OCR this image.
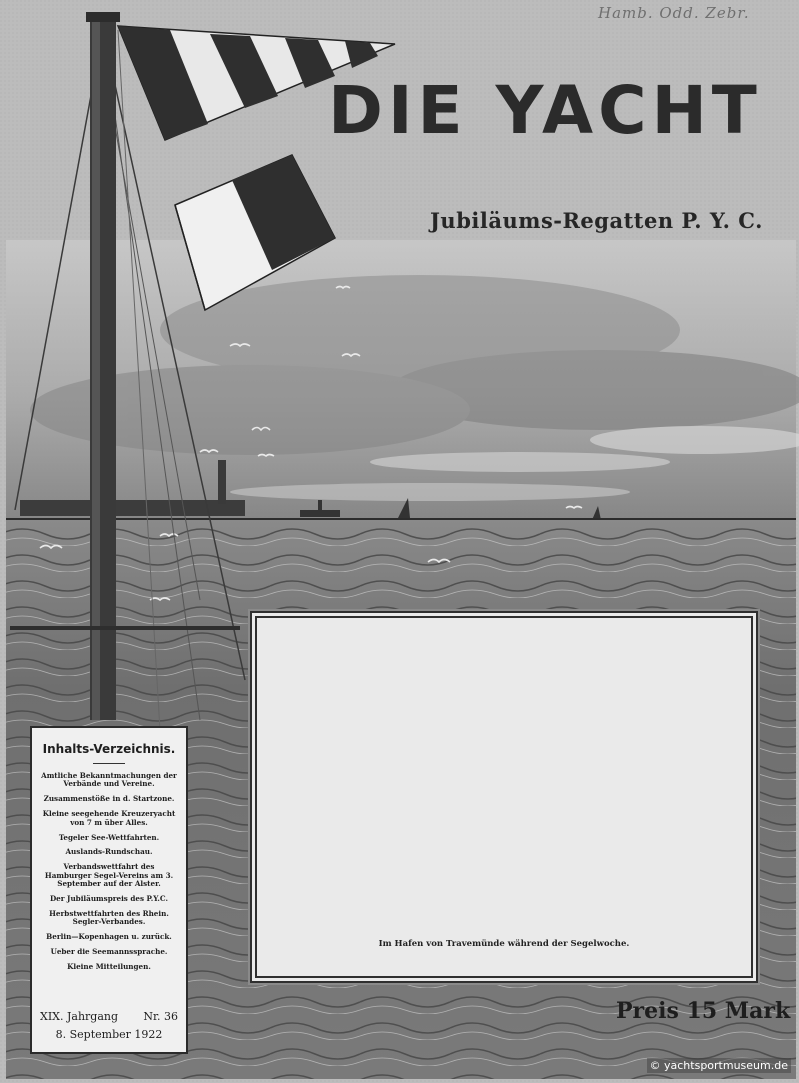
Hamb. Odd. Zebr.
DIE YACHT
Jubiläums-Regatten P. Y. C.
Im Hafen von Travemünde während der Segelwoche.
Inhalts-Verzeichnis.
Amtliche Bekanntmachungen der Verbände und Vereine.
Zusammenstöße in d. Startzone.
Kleine seegehende Kreuzeryacht von 7 m über Alles.
Tegeler See-Wettfahrten.
Auslands-Rundschau.
Verbandswettfahrt des Hamburger Segel-Vereins am 3. September auf der Alster.
Der Jubiläumspreis des P.Y.C.
Herbstwettfahrten des Rhein. Segler-Verbandes.
Berlin—Kopenhagen u. zurück.
Ueber die Seemannssprache.
Kleine Mitteilungen.
XIX. Jahrgang Nr. 36
8. September 1922
Preis 15 Mark
© yachtsportmuseum.de
